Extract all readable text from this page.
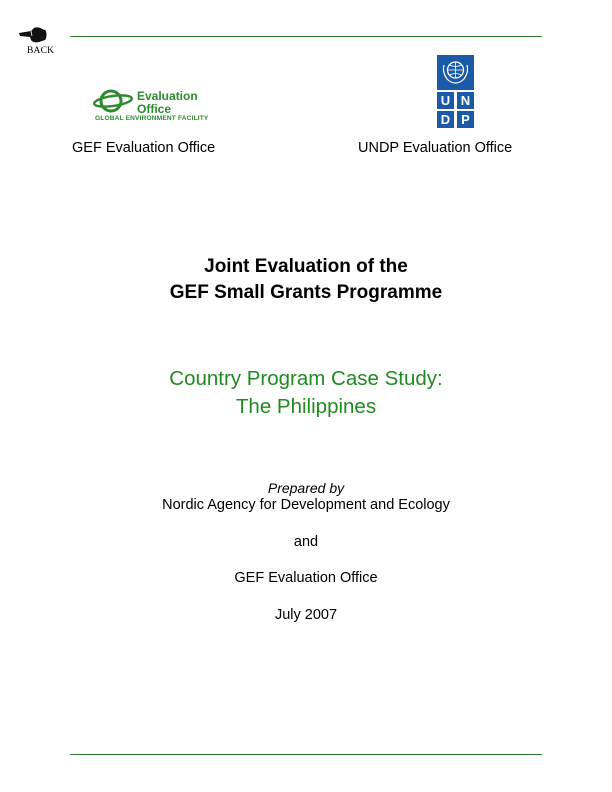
BACK
Evaluation
Office
GLOBAL ENVIRONMENT FACILITY
U N
D P
GEF Evaluation Office	UNDP Evaluation Office
Joint Evaluation of the
GEF Small Grants Programme
Country Program Case Study:
The Philippines
Prepared by
Nordic Agency for Development and Ecology
and
GEF Evaluation Office
July 2007
